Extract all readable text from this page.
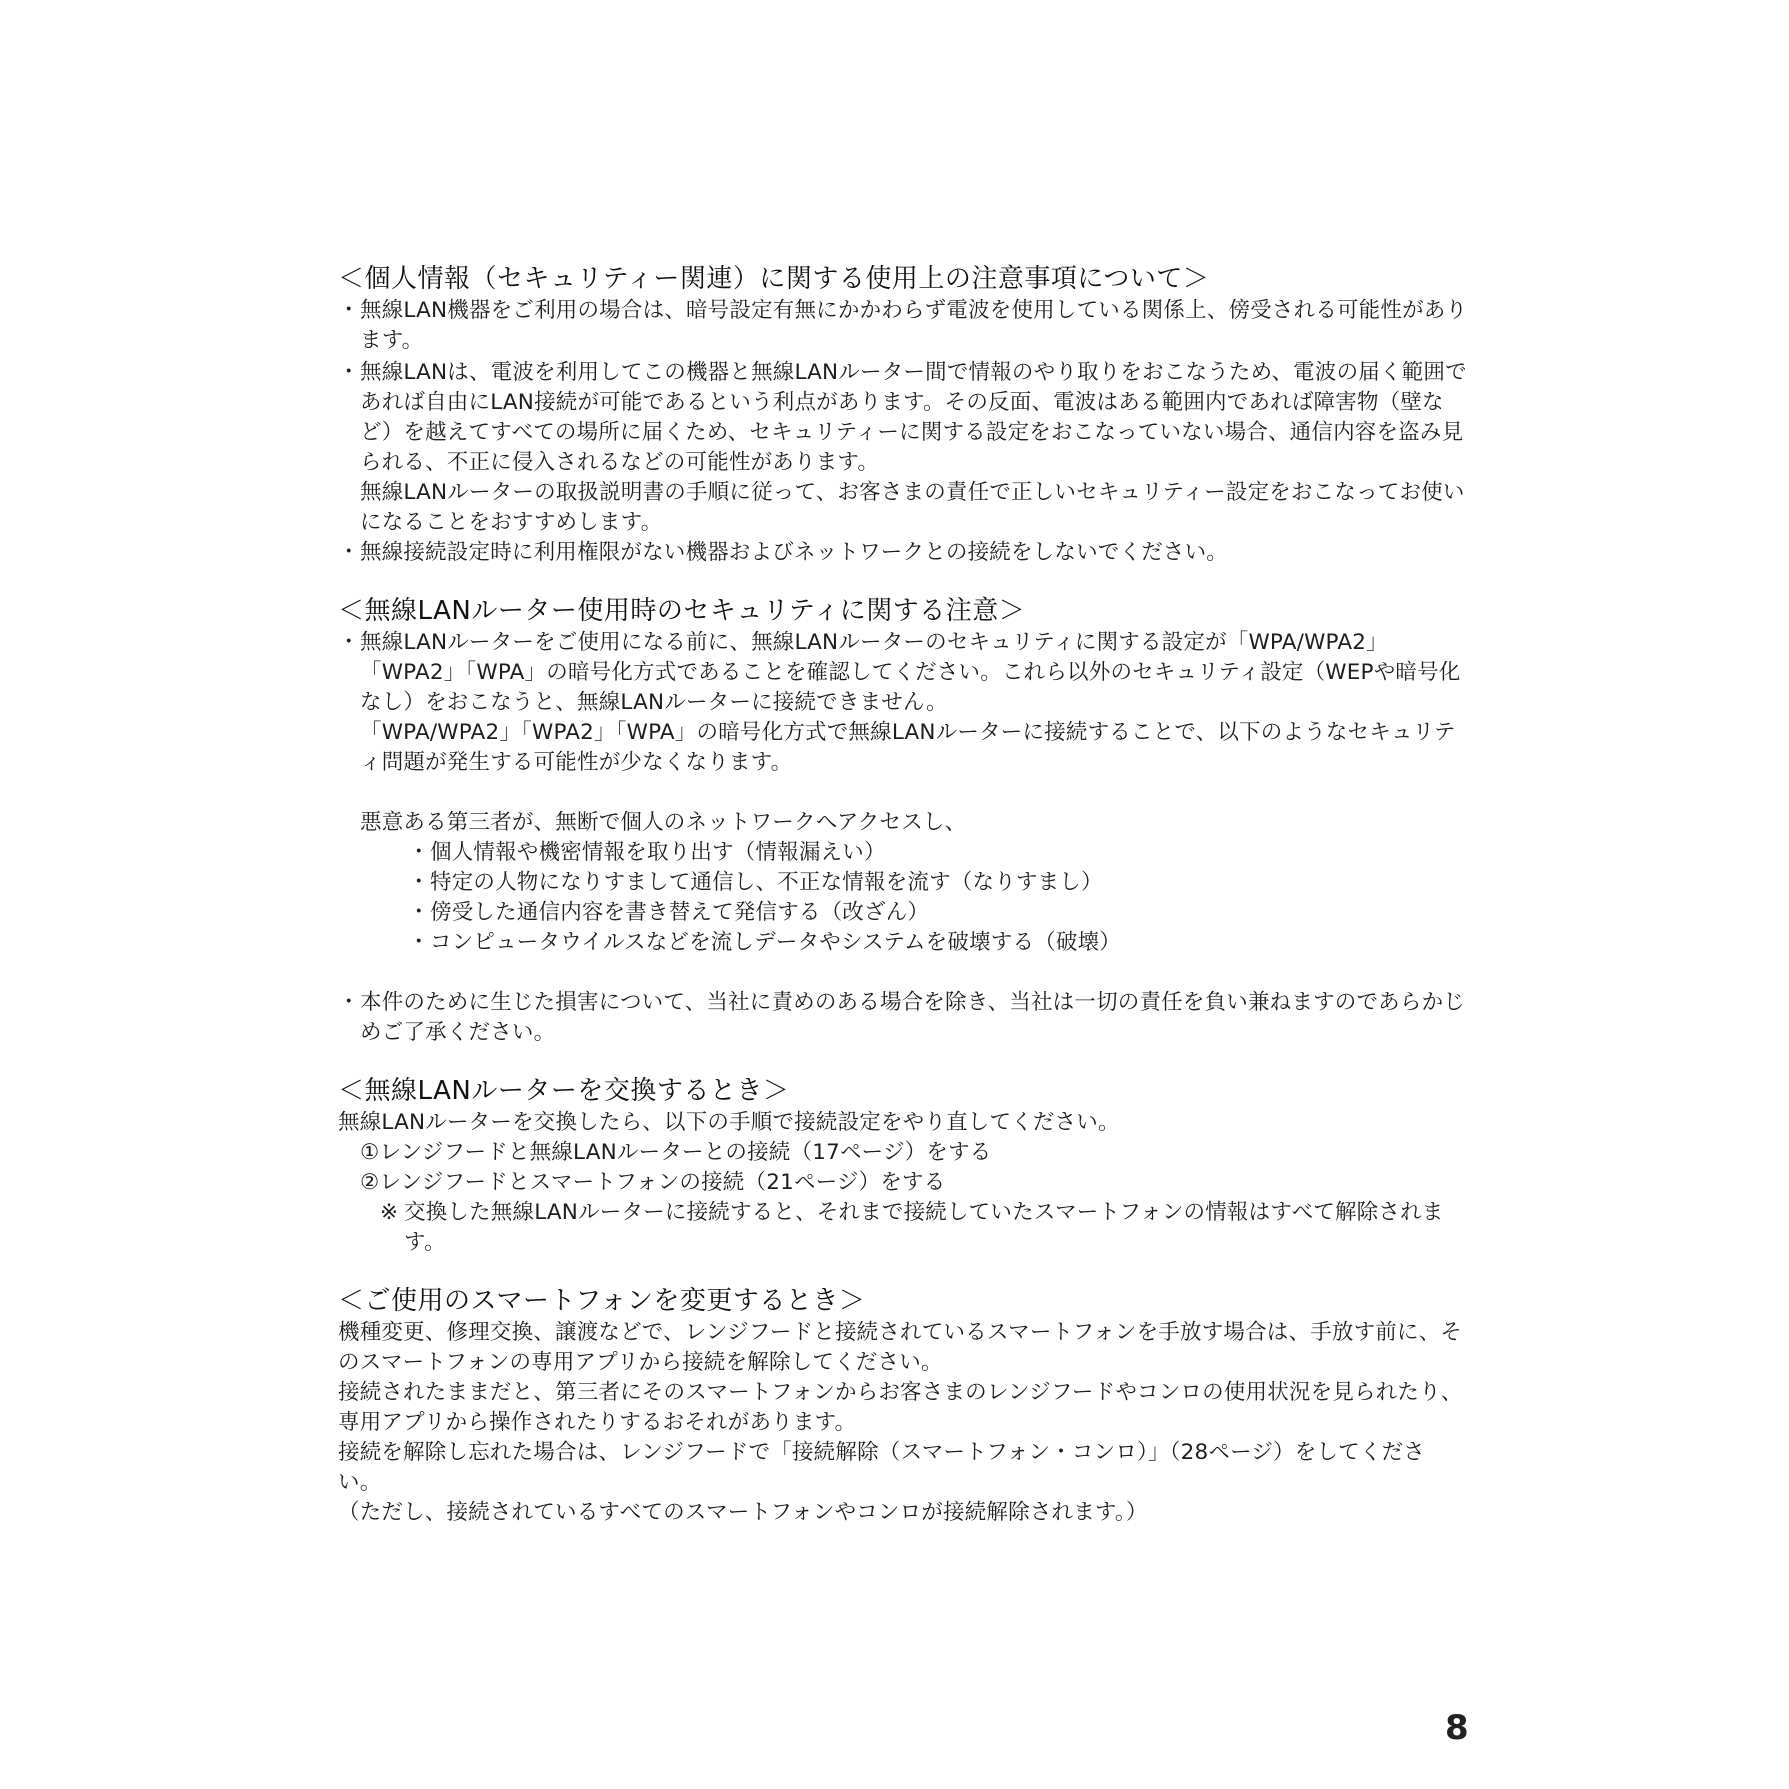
＜個人情報（セキュリティー関連）に関する使用上の注意事項について＞
・ 無線LAN機器をご利用の場合は、暗号設定有無にかかわらず電波を使用している関係上、傍受される可能性があります。
・ 無線LANは、電波を利用してこの機器と無線LANルーター間で情報のやり取りをおこなうため、電波の届く範囲であれば自由にLAN接続が可能であるという利点があります。その反面、電波はある範囲内であれば障害物（壁など）を越えてすべての場所に届くため、セキュリティーに関する設定をおこなっていない場合、通信内容を盗み見られる、不正に侵入されるなどの可能性があります。
無線LANルーターの取扱説明書の手順に従って、お客さまの責任で正しいセキュリティー設定をおこなってお使いになることをおすすめします。
・ 無線接続設定時に利用権限がない機器およびネットワークとの接続をしないでください。
＜無線LANルーター使用時のセキュリティに関する注意＞
・ 無線LANルーターをご使用になる前に、無線LANルーターのセキュリティに関する設定が「WPA/WPA2」「WPA2」「WPA」の暗号化方式であることを確認してください。これら以外のセキュリティ設定（WEPや暗号化なし）をおこなうと、無線LANルーターに接続できません。
「WPA/WPA2」「WPA2」「WPA」の暗号化方式で無線LANルーターに接続することで、以下のようなセキュリティ問題が発生する可能性が少なくなります。
悪意ある第三者が、無断で個人のネットワークへアクセスし、
・ 個人情報や機密情報を取り出す（情報漏えい）
・ 特定の人物になりすまして通信し、不正な情報を流す（なりすまし）
・ 傍受した通信内容を書き替えて発信する（改ざん）
・ コンピュータウイルスなどを流しデータやシステムを破壊する（破壊）
・ 本件のために生じた損害について、当社に責めのある場合を除き、当社は一切の責任を負い兼ねますのであらかじめご了承ください。
＜無線LANルーターを交換するとき＞
無線LANルーターを交換したら、以下の手順で接続設定をやり直してください。
①レンジフードと無線LANルーターとの接続（17ページ）をする
②レンジフードとスマートフォンの接続（21ページ）をする
※ 交換した無線LANルーターに接続すると、それまで接続していたスマートフォンの情報はすべて解除されます。
＜ご使用のスマートフォンを変更するとき＞
機種変更、修理交換、譲渡などで、レンジフードと接続されているスマートフォンを手放す場合は、手放す前に、そのスマートフォンの専用アプリから接続を解除してください。
接続されたままだと、第三者にそのスマートフォンからお客さまのレンジフードやコンロの使用状況を見られたり、専用アプリから操作されたりするおそれがあります。
接続を解除し忘れた場合は、レンジフードで「接続解除（スマートフォン・コンロ）」（28ページ）をしてください。
（ただし、接続されているすべてのスマートフォンやコンロが接続解除されます。）
8
